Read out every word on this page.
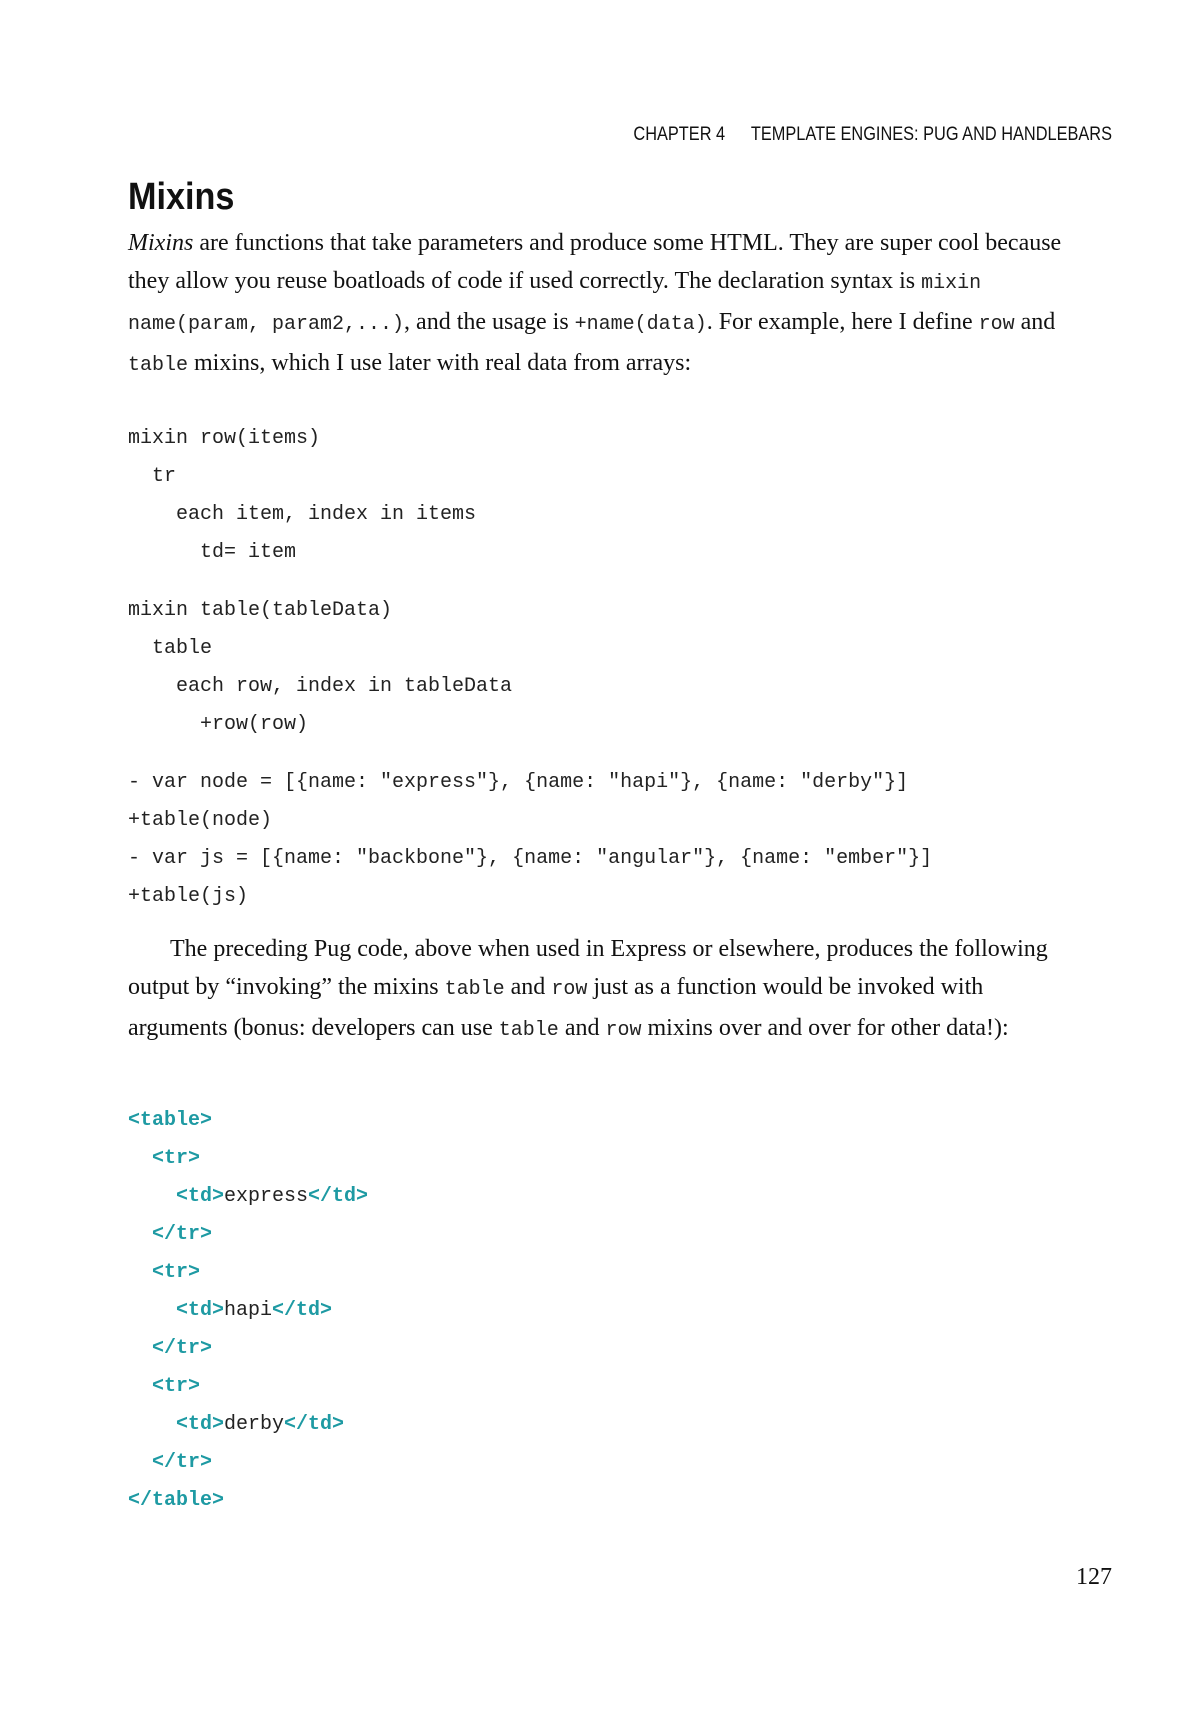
CHAPTER 4 TEMPLATE ENGINES: PUG AND HANDLEBARS
Mixins

Mixins are functions that take parameters and produce some HTML. They are super cool because they allow you reuse boatloads of code if used correctly. The declaration syntax is mixin name(param, param2,...), and the usage is +name(data). For example, here I define row and table mixins, which I use later with real data from arrays:

mixin row(items)
tr
each item, index in items
td= item
mixin table(tableData)
table
each row, index in tableData
+row(row)
- var node = [{name: "express"}, {name: "hapi"}, {name: "derby"}]
+table(node)
- var js = [{name: "backbone"}, {name: "angular"}, {name: "ember"}]
+table(js)

The preceding Pug code, above when used in Express or elsewhere, produces the following output by “invoking” the mixins table and row just as a function would be invoked with arguments (bonus: developers can use table and row mixins over and over for other data!):

<table>
<tr>
<td>express</td>
</tr>
<tr>
<td>hapi</td>
</tr>
<tr>
<td>derby</td>
</tr>
</table>
127
